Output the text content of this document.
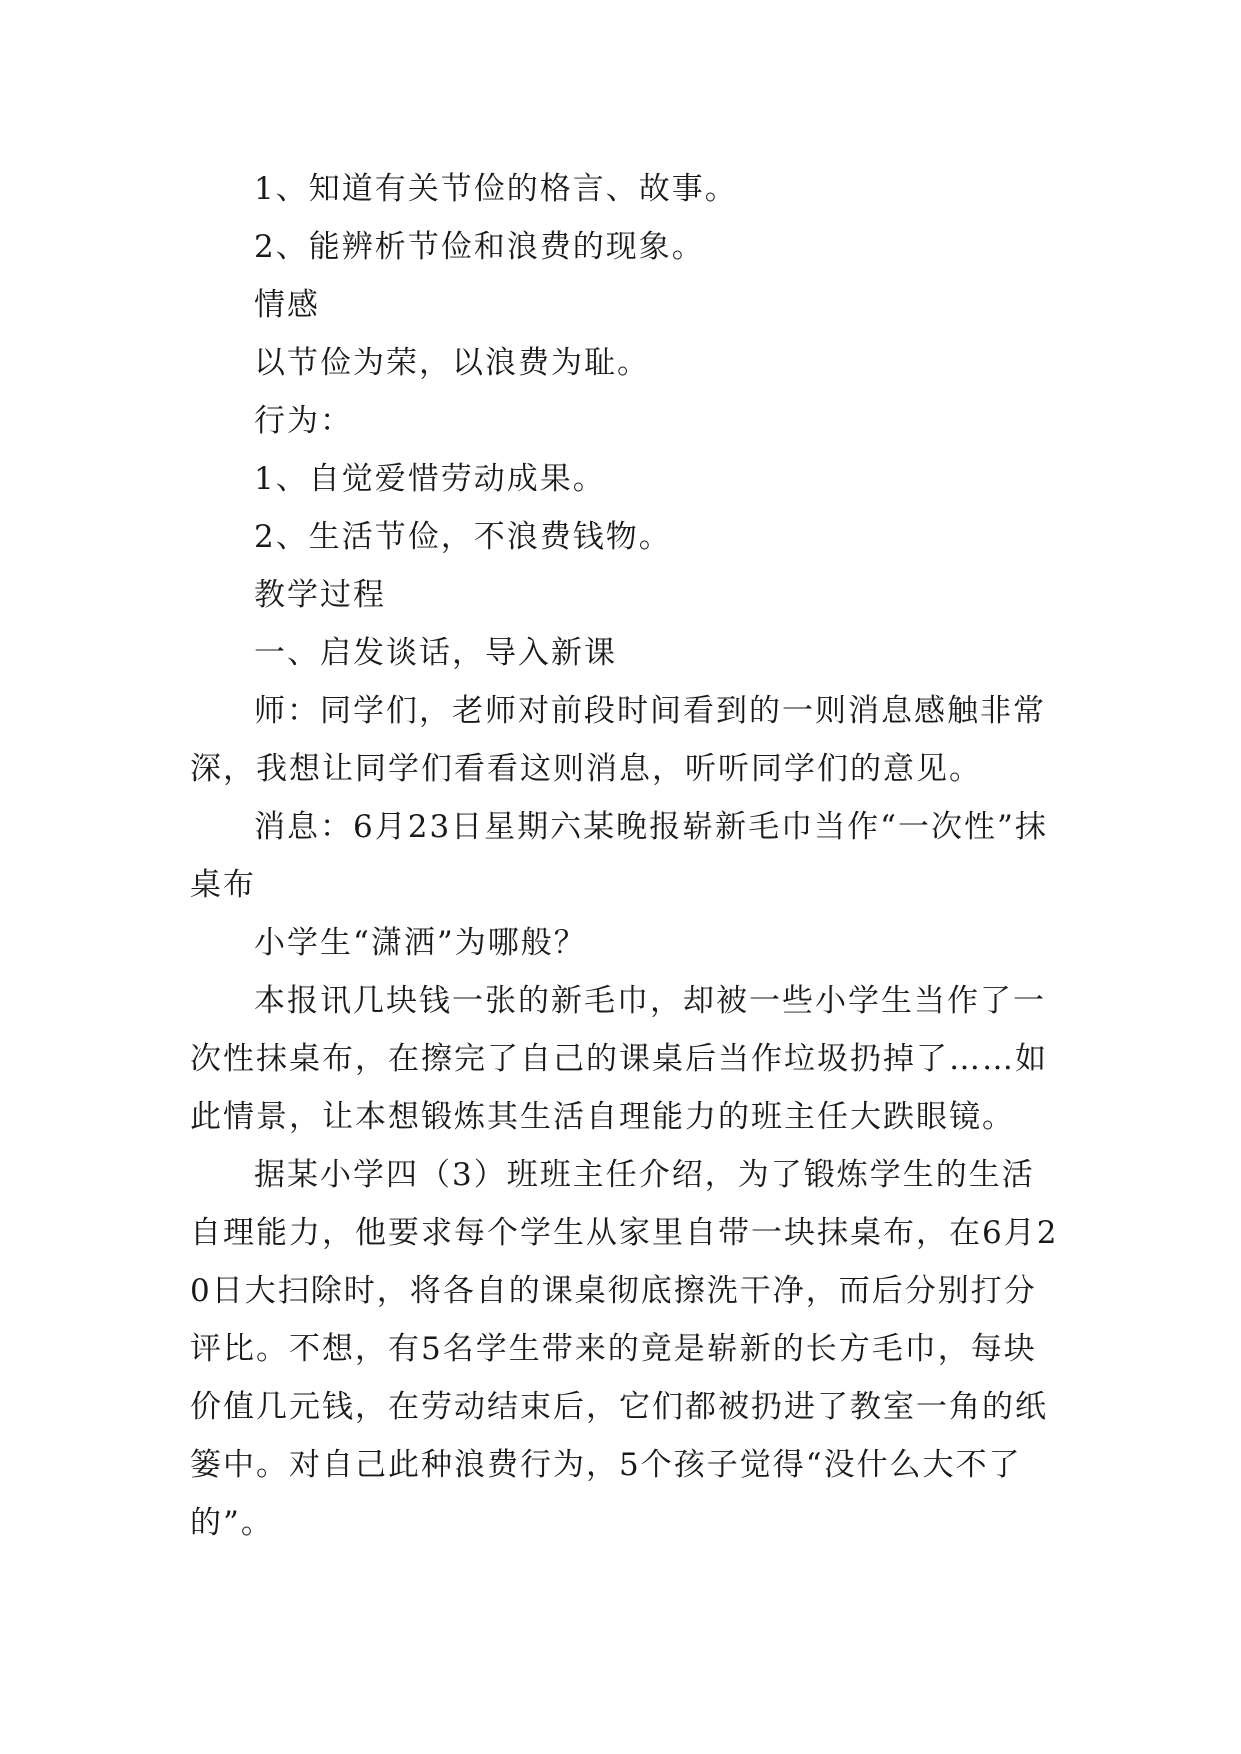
1、知道有关节俭的格言、故事。

2、能辨析节俭和浪费的现象。

情感

以节俭为荣，以浪费为耻。

行为：

1、自觉爱惜劳动成果。

2、生活节俭，不浪费钱物。

教学过程

一、启发谈话，导入新课

师：同学们，老师对前段时间看到的一则消息感触非常深，我想让同学们看看这则消息，听听同学们的意见。

消息：6月23日星期六某晚报崭新毛巾当作“一次性”抹桌布

小学生“潇洒”为哪般？

本报讯几块钱一张的新毛巾，却被一些小学生当作了一次性抹桌布，在擦完了自己的课桌后当作垃圾扔掉了……如此情景，让本想锻炼其生活自理能力的班主任大跌眼镜。

据某小学四（3）班班主任介绍，为了锻炼学生的生活自理能力，他要求每个学生从家里自带一块抹桌布，在6月20日大扫除时，将各自的课桌彻底擦洗干净，而后分别打分评比。不想，有5名学生带来的竟是崭新的长方毛巾，每块价值几元钱，在劳动结束后，它们都被扔进了教室一角的纸篓中。对自己此种浪费行为，5个孩子觉得“没什么大不了的”。
